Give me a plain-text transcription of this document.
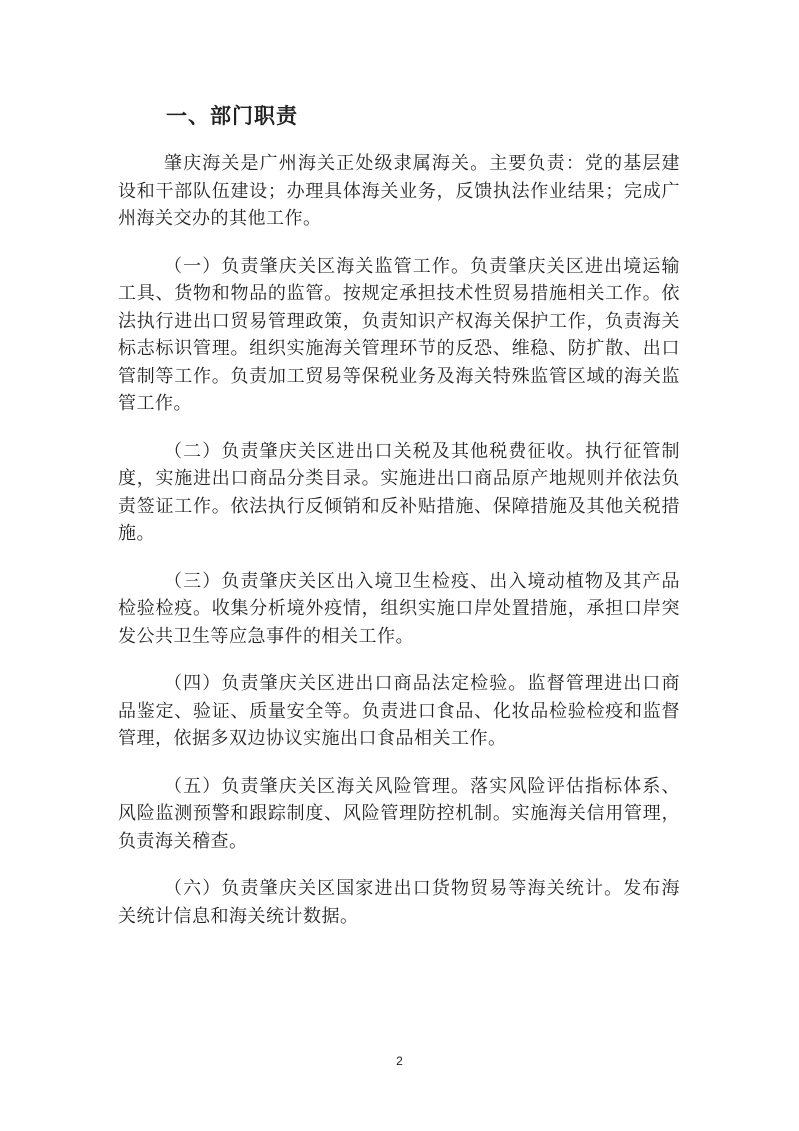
一、部门职责

肇庆海关是广州海关正处级隶属海关。主要负责：党的基层建设和干部队伍建设；办理具体海关业务，反馈执法作业结果；完成广州海关交办的其他工作。

（一）负责肇庆关区海关监管工作。负责肇庆关区进出境运输工具、货物和物品的监管。按规定承担技术性贸易措施相关工作。依法执行进出口贸易管理政策，负责知识产权海关保护工作，负责海关标志标识管理。组织实施海关管理环节的反恐、维稳、防扩散、出口管制等工作。负责加工贸易等保税业务及海关特殊监管区域的海关监管工作。

（二）负责肇庆关区进出口关税及其他税费征收。执行征管制度，实施进出口商品分类目录。实施进出口商品原产地规则并依法负责签证工作。依法执行反倾销和反补贴措施、保障措施及其他关税措施。

（三）负责肇庆关区出入境卫生检疫、出入境动植物及其产品检验检疫。收集分析境外疫情，组织实施口岸处置措施，承担口岸突发公共卫生等应急事件的相关工作。

（四）负责肇庆关区进出口商品法定检验。监督管理进出口商品鉴定、验证、质量安全等。负责进口食品、化妆品检验检疫和监督管理，依据多双边协议实施出口食品相关工作。

（五）负责肇庆关区海关风险管理。落实风险评估指标体系、风险监测预警和跟踪制度、风险管理防控机制。实施海关信用管理，负责海关稽查。

（六）负责肇庆关区国家进出口货物贸易等海关统计。发布海关统计信息和海关统计数据。

2
